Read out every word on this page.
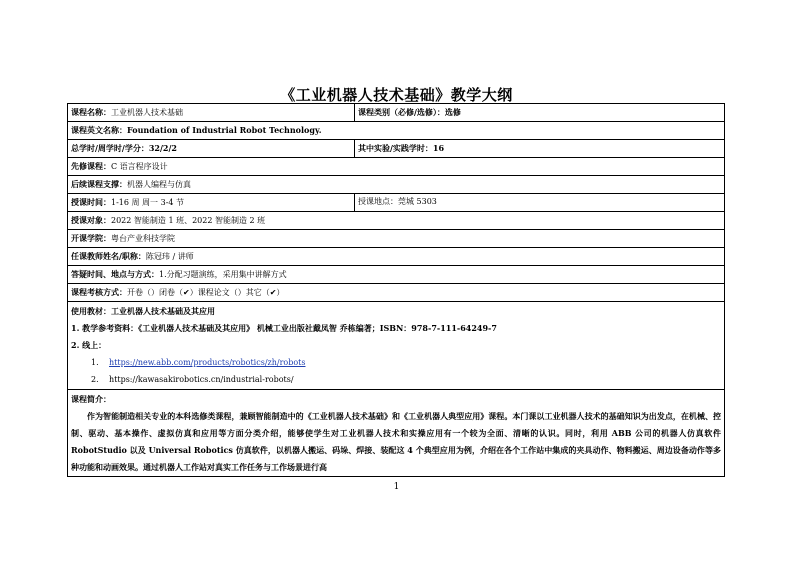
《工业机器人技术基础》教学大纲
课程名称：工业机器人技术基础	课程类别（必修/选修）：选修
课程英文名称：Foundation of Industrial Robot Technology.
总学时/周学时/学分：32/2/2	其中实验/实践学时：16
先修课程：C 语言程序设计
后续课程支撑：机器人编程与仿真
授课时间：1-16 周 周一 3-4 节	授课地点：莞城 5303
授课对象：2022 智能制造 1 班、2022 智能制造 2 班
开课学院：粤台产业科技学院
任课教师姓名/职称：陈冠玮 / 讲师
答疑时间、地点与方式：1.分配习题演练，采用集中讲解方式
课程考核方式：开卷（）闭卷（✔）课程论文（）其它（✔）
使用教材：工业机器人技术基础及其应用
1. 教学参考资料：《工业机器人技术基础及其应用》 机械工业出版社戴凤智 乔栋编著；ISBN：978-7-111-64249-7
2. 线上：
1. https://new.abb.com/products/robotics/zh/robots
2. https://kawasakirobotics.cn/industrial-robots/
课程简介：

作为智能制造相关专业的本科选修类课程，兼顾智能制造中的《工业机器人技术基础》和《工业机器人典型应用》课程。本门课以工业机器人技术的基础知识为出发点，在机械、控制、驱动、基本操作、虚拟仿真和应用等方面分类介绍，能够使学生对工业机器人技术和实操应用有一个较为全面、清晰的认识。同时，利用 ABB 公司的机器人仿真软件 RobotStudio 以及 Universal Robotics 仿真软件，以机器人搬运、码垛、焊接、装配这 4 个典型应用为例，介绍在各个工作站中集成的夹具动作、物料搬运、周边设备动作等多种功能和动画效果。通过机器人工作站对真实工作任务与工作场景进行高

1
